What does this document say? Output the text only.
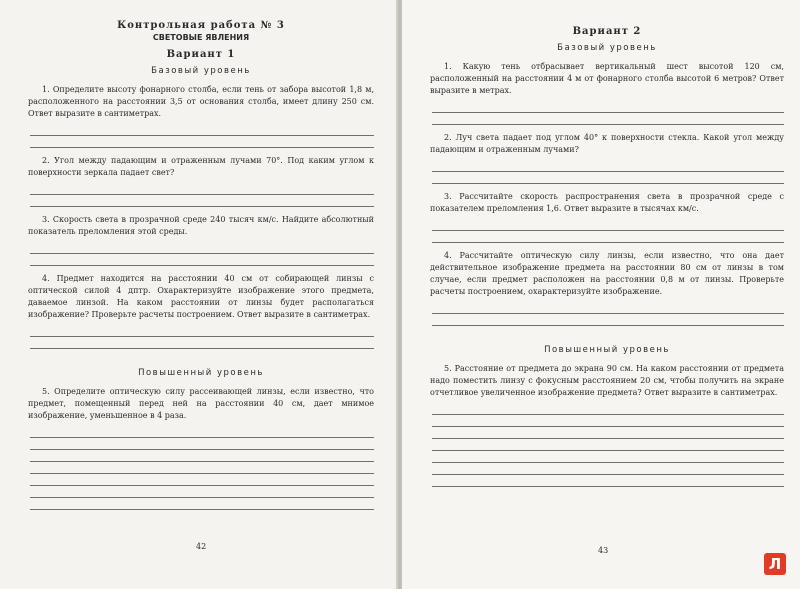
Контрольная работа № 3
СВЕТОВЫЕ ЯВЛЕНИЯ
Вариант 1
Базовый уровень
1. Определите высоту фонарного столба, если тень от забора высотой 1,8 м, расположенного на расстоянии 3,5 от основания столба, имеет длину 250 см. Ответ выразите в сантиметрах.
2. Угол между падающим и отраженным лучами 70°. Под каким углом к поверхности зеркала падает свет?
3. Скорость света в прозрачной среде 240 тысяч км/с. Найдите абсолютный показатель преломления этой среды.
4. Предмет находится на расстоянии 40 см от собирающей линзы с оптической силой 4 дптр. Охарактеризуйте изображение этого предмета, даваемое линзой. На каком расстоянии от линзы будет располагаться изображение? Проверьте расчеты построением. Ответ выразите в сантиметрах.
Повышенный уровень
5. Определите оптическую силу рассеивающей линзы, если известно, что предмет, помещенный перед ней на расстоянии 40 см, дает мнимое изображение, уменьшенное в 4 раза.
42
Вариант 2
Базовый уровень
1. Какую тень отбрасывает вертикальный шест высотой 120 см, расположенный на расстоянии 4 м от фонарного столба высотой 6 метров? Ответ выразите в метрах.
2. Луч света падает под углом 40° к поверхности стекла. Какой угол между падающим и отраженным лучами?
3. Рассчитайте скорость распространения света в прозрачной среде с показателем преломления 1,6. Ответ выразите в тысячах км/с.
4. Рассчитайте оптическую силу линзы, если известно, что она дает действительное изображение предмета на расстоянии 80 см от линзы в том случае, если предмет расположен на расстоянии 0,8 м от линзы. Проверьте расчеты построением, охарактеризуйте изображение.
Повышенный уровень
5. Расстояние от предмета до экрана 90 см. На каком расстоянии от предмета надо поместить линзу с фокусным расстоянием 20 см, чтобы получить на экране отчетливое увеличенное изображение предмета? Ответ выразите в сантиметрах.
43
Л
